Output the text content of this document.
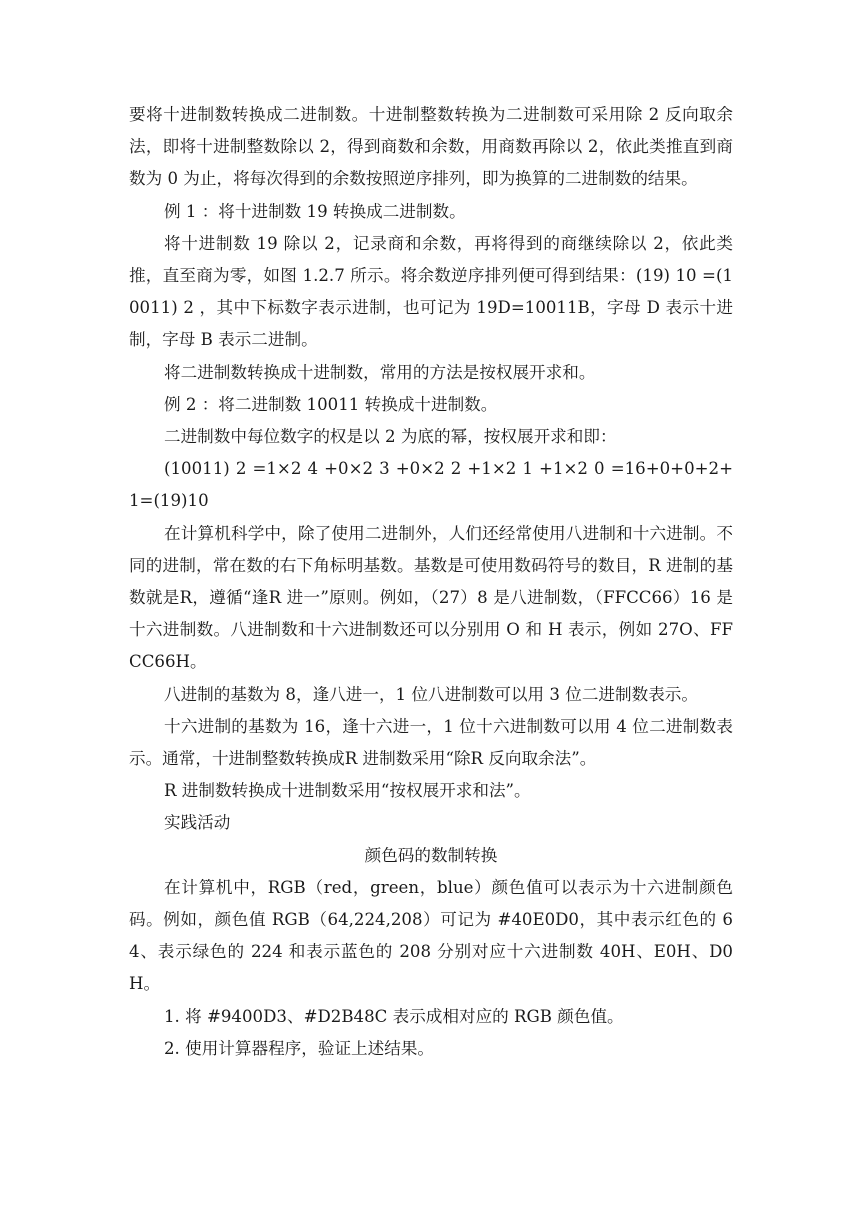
要将十进制数转换成二进制数。十进制整数转换为二进制数可采用除 2 反向取余法，即将十进制整数除以 2，得到商数和余数，用商数再除以 2，依此类推直到商数为 0 为止，将每次得到的余数按照逆序排列，即为换算的二进制数的结果。

例 1 ：将十进制数 19 转换成二进制数。

将十进制数 19 除以 2，记录商和余数，再将得到的商继续除以 2，依此类推，直至商为零，如图 1.2.7 所示。将余数逆序排列便可得到结果：(19) 10 =(10011) 2 ，其中下标数字表示进制，也可记为 19D=10011B，字母 D 表示十进制，字母 B 表示二进制。

将二进制数转换成十进制数，常用的方法是按权展开求和。

例 2 ：将二进制数 10011 转换成十进制数。

二进制数中每位数字的权是以 2 为底的幂，按权展开求和即：

(10011) 2 =1×2 4 +0×2 3 +0×2 2 +1×2 1 +1×2 0 =16+0+0+2+1=(19)10

在计算机科学中，除了使用二进制外，人们还经常使用八进制和十六进制。不同的进制，常在数的右下角标明基数。基数是可使用数码符号的数目，R 进制的基数就是R，遵循“逢R 进一”原则。例如，（27）8 是八进制数，（FFCC66）16 是十六进制数。八进制数和十六进制数还可以分别用 O 和 H 表示，例如 27O、FFCC66H。

八进制的基数为 8，逢八进一，1 位八进制数可以用 3 位二进制数表示。

十六进制的基数为 16，逢十六进一，1 位十六进制数可以用 4 位二进制数表示。通常，十进制整数转换成R 进制数采用“除R 反向取余法”。

R 进制数转换成十进制数采用“按权展开求和法”。

实践活动

颜色码的数制转换

在计算机中，RGB（red，green，blue）颜色值可以表示为十六进制颜色码。例如，颜色值 RGB（64,224,208）可记为 #40E0D0，其中表示红色的 64、表示绿色的 224 和表示蓝色的 208 分别对应十六进制数 40H、E0H、D0H。

1. 将 #9400D3、#D2B48C 表示成相对应的 RGB 颜色值。

2. 使用计算器程序，验证上述结果。
